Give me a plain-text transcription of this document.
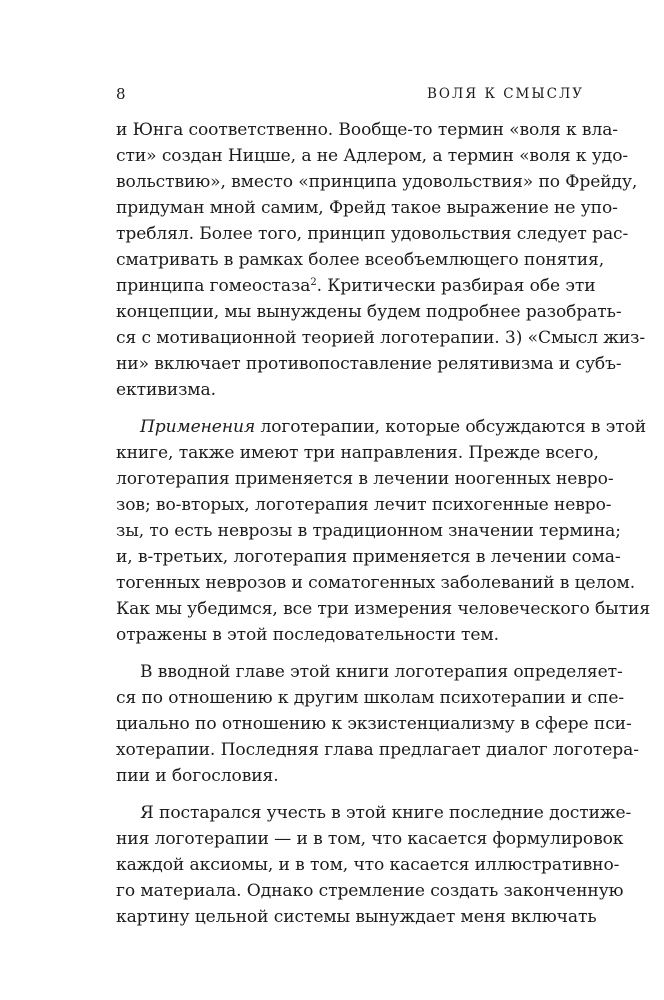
8	ВОЛЯ К СМЫСЛУ
и Юнга соответственно. Вообще-то термин «воля к вла-
сти» создан Ницше, а не Адлером, а термин «воля к удо-
вольствию», вместо «принципа удовольствия» по Фрейду,
придуман мной самим, Фрейд такое выражение не упо-
треблял. Более того, принцип удовольствия следует рас-
сматривать в рамках более всеобъемлющего понятия,
принципа гомеостаза$^2$. Критически разбирая обе эти
концепции, мы вынуждены будем подробнее разобрать-
ся с мотивационной теорией логотерапии. 3) «Смысл жиз-
ни» включает противопоставление релятивизма и субъ-
ективизма.
Применения логотерапии, которые обсуждаются в этой
книге, также имеют три направления. Прежде всего,
логотерапия применяется в лечении ноогенных невро-
зов; во-вторых, логотерапия лечит психогенные невро-
зы, то есть неврозы в традиционном значении термина;
и, в-третьих, логотерапия применяется в лечении сома-
тогенных неврозов и соматогенных заболеваний в целом.
Как мы убедимся, все три измерения человеческого бытия
отражены в этой последовательности тем.
В вводной главе этой книги логотерапия определяет-
ся по отношению к другим школам психотерапии и спе-
циально по отношению к экзистенциализму в сфере пси-
хотерапии. Последняя глава предлагает диалог логотера-
пии и богословия.
Я постарался учесть в этой книге последние достиже-
ния логотерапии — и в том, что касается формулировок
каждой аксиомы, и в том, что касается иллюстративно-
го материала. Однако стремление создать законченную
картину цельной системы вынуждает меня включать
